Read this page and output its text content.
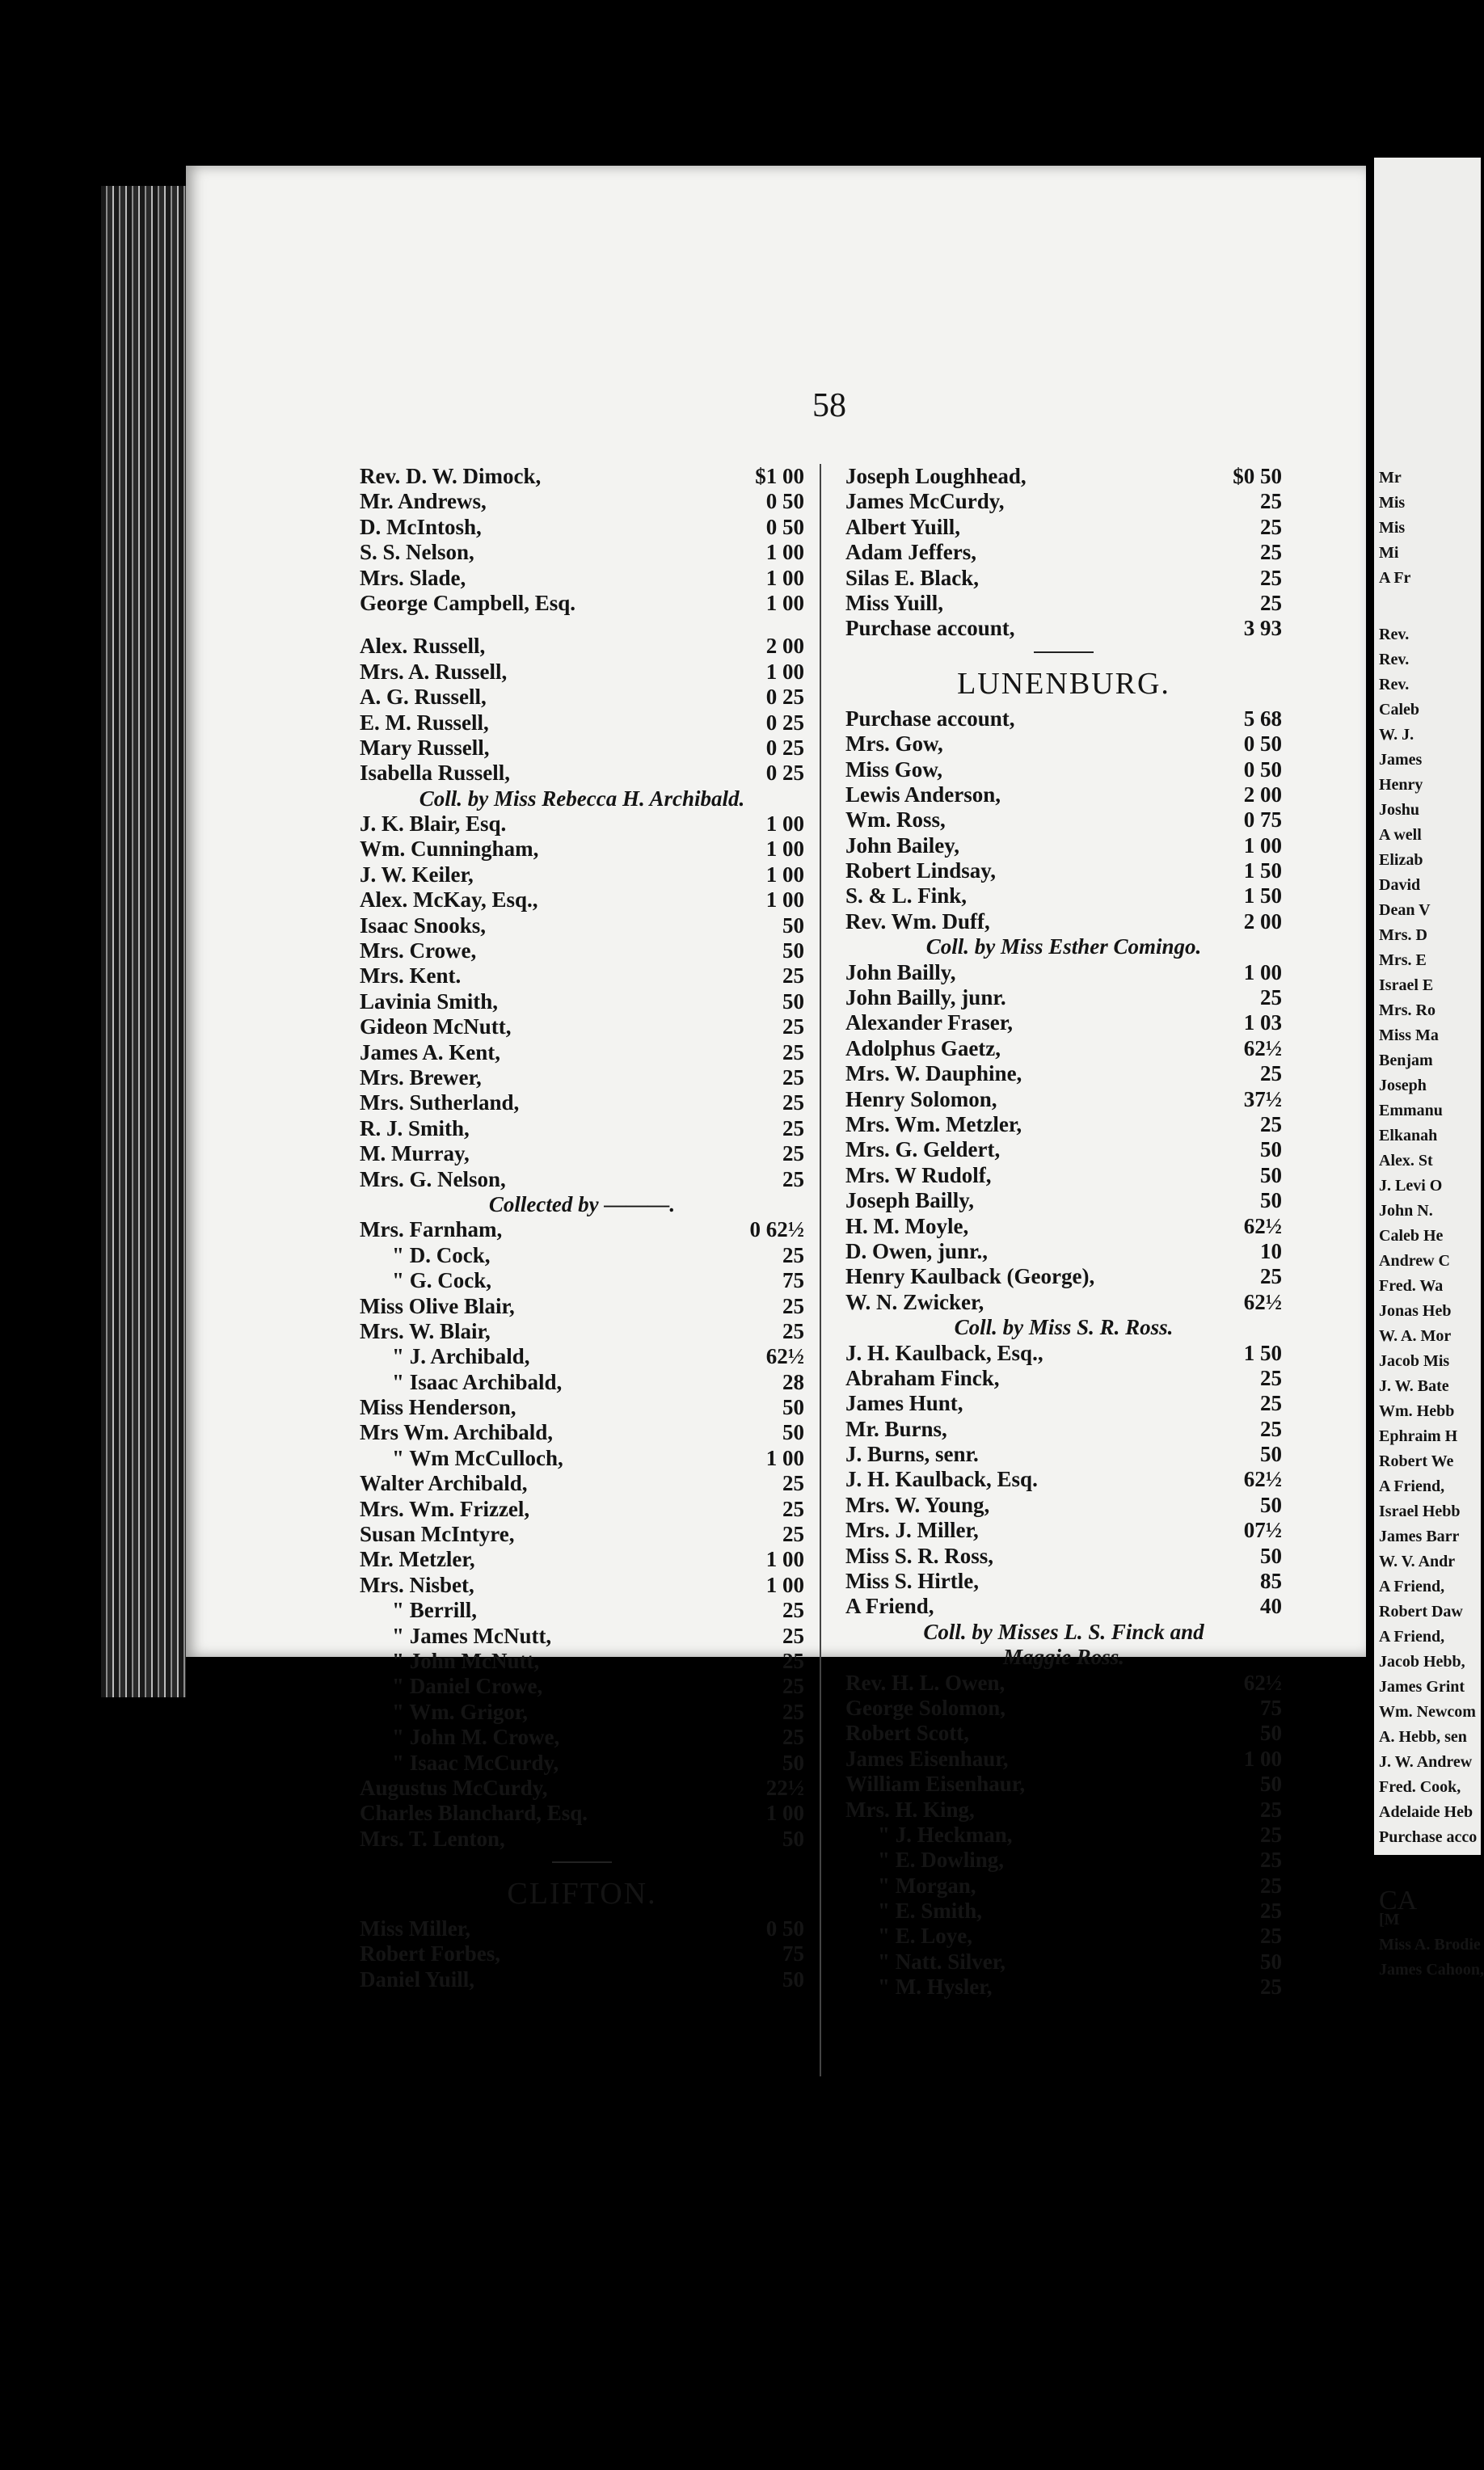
58
Rev. D. W. Dimock,	$1 00
Mr. Andrews,	0 50
D. McIntosh,	0 50
S. S. Nelson,	1 00
Mrs. Slade,	1 00
George Campbell, Esq.	1 00
Alex. Russell,	2 00
Mrs. A. Russell,	1 00
A. G. Russell,	0 25
E. M. Russell,	0 25
Mary Russell,	0 25
Isabella Russell,	0 25
Coll. by Miss Rebecca H. Archibald.
J. K. Blair, Esq.	1 00
Wm. Cunningham,	1 00
J. W. Keiler,	1 00
Alex. McKay, Esq.,	1 00
Isaac Snooks,	50
Mrs. Crowe,	50
Mrs. Kent.	25
Lavinia Smith,	50
Gideon McNutt,	25
James A. Kent,	25
Mrs. Brewer,	25
Mrs. Sutherland,	25
R. J. Smith,	25
M. Murray,	25
Mrs. G. Nelson,	25
Collected by ———.
Mrs. Farnham,	0 62½
" D. Cock,	25
" G. Cock,	75
Miss Olive Blair,	25
Mrs. W. Blair,	25
" J. Archibald,	62½
" Isaac Archibald,	28
Miss Henderson,	50
Mrs Wm. Archibald,	50
" Wm McCulloch,	1 00
Walter Archibald,	25
Mrs. Wm. Frizzel,	25
Susan McIntyre,	25
Mr. Metzler,	1 00
Mrs. Nisbet,	1 00
" Berrill,	25
" James McNutt,	25
" John McNutt,	25
" Daniel Crowe,	25
" Wm. Grigor,	25
" John M. Crowe,	25
" Isaac McCurdy,	50
Augustus McCurdy,	22½
Charles Blanchard, Esq.	1 00
Mrs. T. Lenton,	50
CLIFTON.
Miss Miller,	0 50
Robert Forbes,	75
Daniel Yuill,	50
Joseph Loughhead,	$0 50
James McCurdy,	25
Albert Yuill,	25
Adam Jeffers,	25
Silas E. Black,	25
Miss Yuill,	25
Purchase account,	3 93
LUNENBURG.
Purchase account,	5 68
Mrs. Gow,	0 50
Miss Gow,	0 50
Lewis Anderson,	2 00
Wm. Ross,	0 75
John Bailey,	1 00
Robert Lindsay,	1 50
S. & L. Fink,	1 50
Rev. Wm. Duff,	2 00
Coll. by Miss Esther Comingo.
John Bailly,	1 00
John Bailly, junr.	25
Alexander Fraser,	1 03
Adolphus Gaetz,	62½
Mrs. W. Dauphine,	25
Henry Solomon,	37½
Mrs. Wm. Metzler,	25
Mrs. G. Geldert,	50
Mrs. W Rudolf,	50
Joseph Bailly,	50
H. M. Moyle,	62½
D. Owen, junr.,	10
Henry Kaulback (George),	25
W. N. Zwicker,	62½
Coll. by Miss S. R. Ross.
J. H. Kaulback, Esq.,	1 50
Abraham Finck,	25
James Hunt,	25
Mr. Burns,	25
J. Burns, senr.	50
J. H. Kaulback, Esq.	62½
Mrs. W. Young,	50
Mrs. J. Miller,	07½
Miss S. R. Ross,	50
Miss S. Hirtle,	85
A Friend,	40
Coll. by Misses L. S. Finck and
Maggie Ross.
Rev. H. L. Owen,	62½
George Solomon,	75
Robert Scott,	50
James Eisenhaur,	1 00
William Eisenhaur,	50
Mrs. H. King,	25
" J. Heckman,	25
" E. Dowling,	25
" Morgan,	25
" E. Smith,	25
" E. Loye,	25
" Natt. Silver,	50
" M. Hysler,	25
Mr
Mis
Mis
Mi
A Fr
Rev.
Rev.
Rev.
Caleb
W. J.
James
Henry
Joshu
A well
Elizab
David
Dean V
Mrs. D
Mrs. E
Israel E
Mrs. Ro
Miss Ma
Benjam
Joseph
Emmanu
Elkanah
Alex. St
J. Levi O
John N.
Caleb He
Andrew C
Fred. Wa
Jonas Heb
W. A. Mor
Jacob Mis
J. W. Bate
Wm. Hebb
Ephraim H
Robert We
A Friend,
Israel Hebb
James Barr
W. V. Andr
A Friend,
Robert Daw
A Friend,
Jacob Hebb,
James Grint
Wm. Newcom
A. Hebb, sen
J. W. Andrew
Fred. Cook,
Adelaide Heb
Purchase acco
CA
[M
Miss A. Brodie
James Cahoon,
